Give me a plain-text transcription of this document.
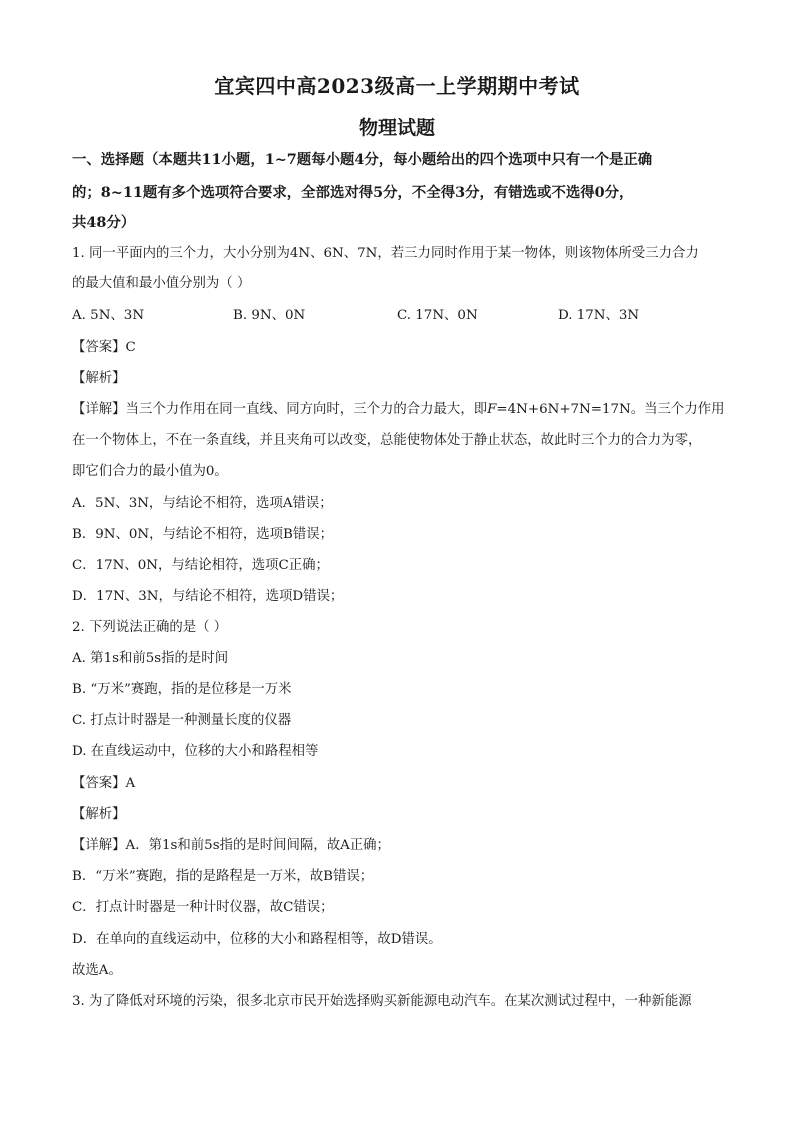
宜宾四中高2023级高一上学期期中考试
物理试题
一、选择题（本题共11小题，1~7题每小题4分，每小题给出的四个选项中只有一个是正确
的；8~11题有多个选项符合要求，全部选对得5分，不全得3分，有错选或不选得0分，
共48分）
1. 同一平面内的三个力，大小分别为4N、6N、7N，若三力同时作用于某一物体，则该物体所受三力合力
的最大值和最小值分别为（ ）
A. 5N、3N	B. 9N、0N	C. 17N、0N	D. 17N、3N
【答案】C
【解析】
【详解】当三个力作用在同一直线、同方向时，三个力的合力最大，即F=4N+6N+7N=17N。当三个力作用
在一个物体上，不在一条直线，并且夹角可以改变，总能使物体处于静止状态，故此时三个力的合力为零，
即它们合力的最小值为0。
A．5N、3N，与结论不相符，选项A错误；
B．9N、0N，与结论不相符，选项B错误；
C．17N、0N，与结论相符，选项C正确；
D．17N、3N，与结论不相符，选项D错误；
2. 下列说法正确的是（ ）
A. 第1s和前5s指的是时间
B. “万米”赛跑，指的是位移是一万米
C. 打点计时器是一种测量长度的仪器
D. 在直线运动中，位移的大小和路程相等
【答案】A
【解析】
【详解】A．第1s和前5s指的是时间间隔，故A正确；
B．“万米”赛跑，指的是路程是一万米，故B错误；
C．打点计时器是一种计时仪器，故C错误；
D．在单向的直线运动中，位移的大小和路程相等，故D错误。
故选A。
3. 为了降低对环境的污染，很多北京市民开始选择购买新能源电动汽车。在某次测试过程中，一种新能源
